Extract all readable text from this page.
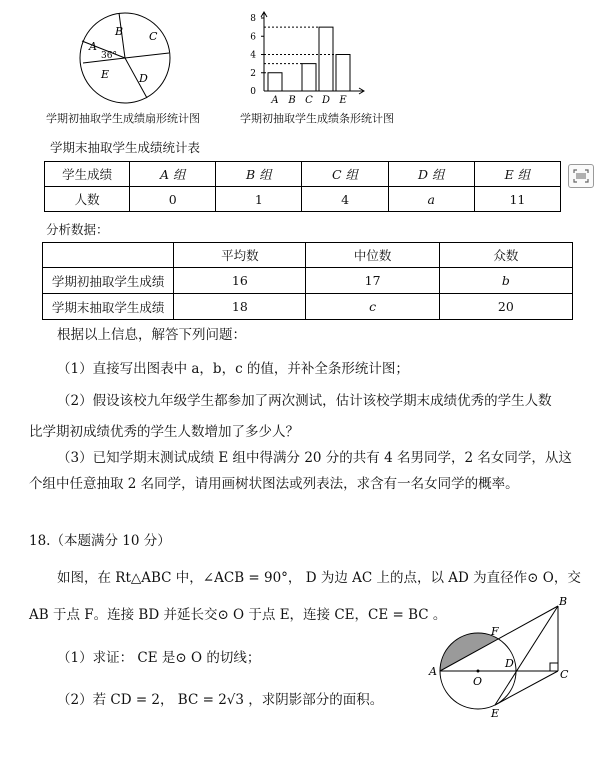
B C
A
36°
E	D
学期初抽取学生成绩扇形统计图
0
2
4
6
8
A B C D E
学期初抽取学生成绩条形统计图
学期末抽取学生成绩统计表
学生成绩	A 组	B 组	C 组	D 组	E 组
人数	0	1	4	a	11
分析数据：
	平均数	中位数	众数
学期初抽取学生成绩	16	17	b
学期末抽取学生成绩	18	c	20
根据以上信息，解答下列问题：
（1）直接写出图表中 a，b，c 的值，并补全条形统计图；
（2）假设该校九年级学生都参加了两次测试，估计该校学期末成绩优秀的学生人数
比学期初成绩优秀的学生人数增加了多少人？
（3）已知学期末测试成绩 E 组中得满分 20 分的共有 4 名男同学，2 名女同学，从这
个组中任意抽取 2 名同学，请用画树状图法或列表法，求含有一名女同学的概率。
18.（本题满分 10 分）
如图，在 Rt△ABC 中，∠ACB = 90°， D 为边 AC 上的点，以 AD 为直径作⊙ O，交
AB 于点 F。连接 BD 并延长交⊙ O 于点 E，连接 CE，CE = BC 。
（1）求证： CE 是⊙ O 的切线；
（2）若 CD = 2， BC = 2√3 ，求阴影部分的面积。
A
B
C
D
E
F
O
